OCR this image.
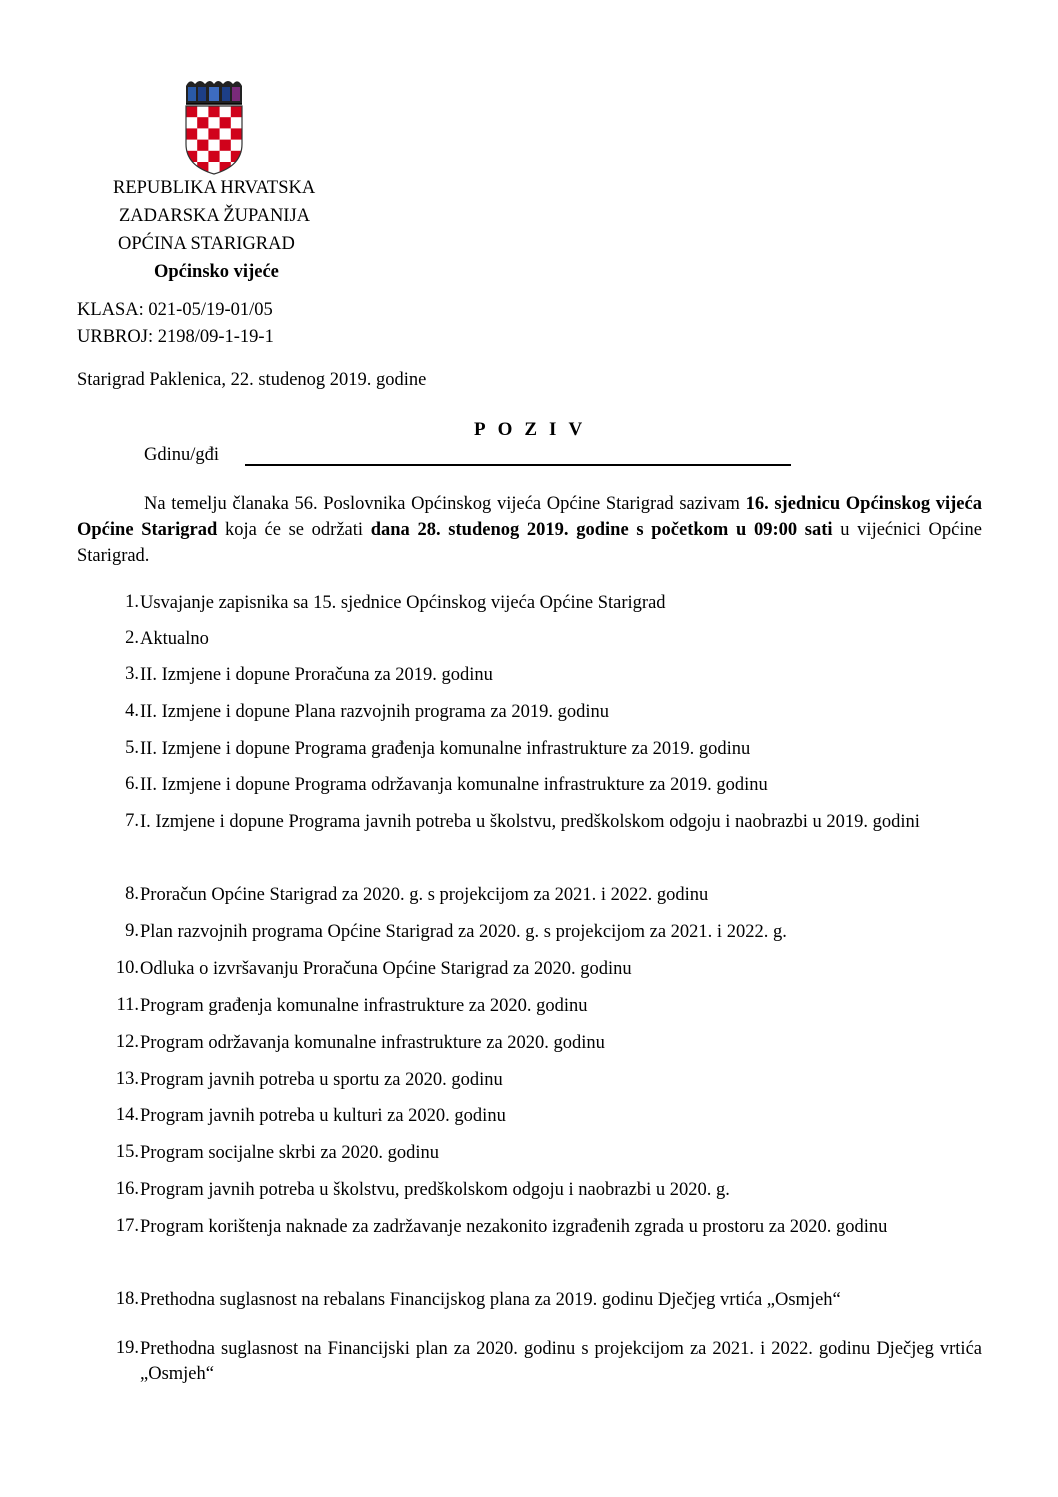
REPUBLIKA HRVATSKA
ZADARSKA ŽUPANIJA
OPĆINA STARIGRAD
Općinsko vijeće
KLASA: 021-05/19-01/05
URBROJ: 2198/09-1-19-1
Starigrad Paklenica, 22. studenog 2019. godine
POZIV
Gdinu/gđi
Na temelju članaka 56. Poslovnika Općinskog vijeća Općine Starigrad sazivam 16. sjednicu Općinskog vijeća Općine Starigrad koja će se održati dana 28. studenog 2019. godine s početkom u 09:00 sati u vijećnici Općine Starigrad.
1. Usvajanje zapisnika sa 15. sjednice Općinskog vijeća Općine Starigrad
2. Aktualno
3. II. Izmjene i dopune Proračuna za 2019. godinu
4. II. Izmjene i dopune Plana razvojnih programa za 2019. godinu
5. II. Izmjene i dopune Programa građenja komunalne infrastrukture za 2019. godinu
6. II. Izmjene i dopune Programa održavanja komunalne infrastrukture za 2019. godinu
7. I. Izmjene i dopune Programa javnih potreba u školstvu, predškolskom odgoju i naobrazbi u 2019. godini
8. Proračun Općine Starigrad za 2020. g. s projekcijom za 2021. i 2022. godinu
9. Plan razvojnih programa Općine Starigrad za 2020. g. s projekcijom za 2021. i 2022. g.
10. Odluka o izvršavanju Proračuna Općine Starigrad za 2020. godinu
11. Program građenja komunalne infrastrukture za 2020. godinu
12. Program održavanja komunalne infrastrukture za 2020. godinu
13. Program javnih potreba u sportu za 2020. godinu
14. Program javnih potreba u kulturi za 2020. godinu
15. Program socijalne skrbi za 2020. godinu
16. Program javnih potreba u školstvu, predškolskom odgoju i naobrazbi u 2020. g.
17. Program korištenja naknade za zadržavanje nezakonito izgrađenih zgrada u prostoru za 2020. godinu
18. Prethodna suglasnost na rebalans Financijskog plana za 2019. godinu Dječjeg vrtića „Osmjeh“
19. Prethodna suglasnost na Financijski plan za 2020. godinu s projekcijom za 2021. i 2022. godinu Dječjeg vrtića „Osmjeh“
